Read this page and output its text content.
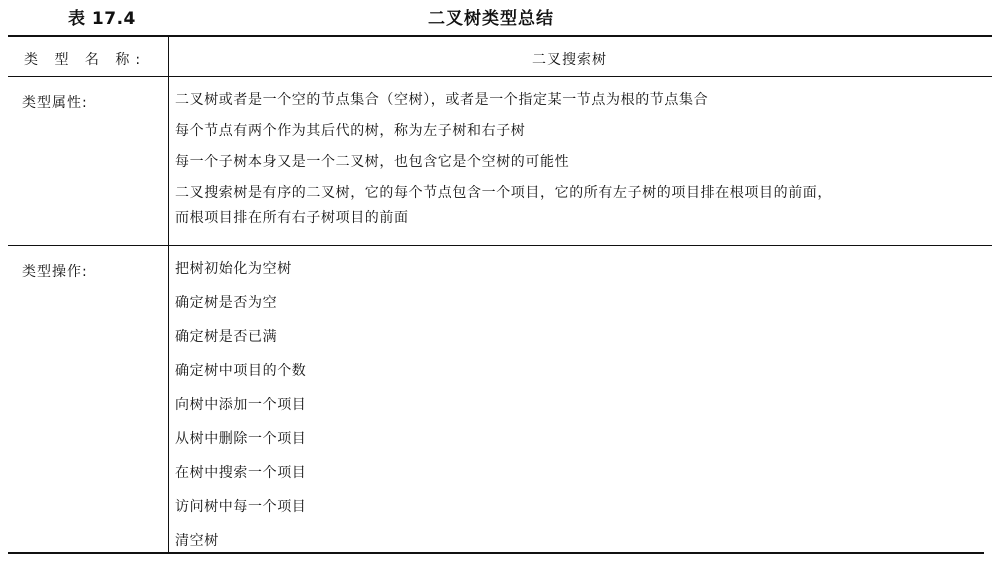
表 17.4	二叉树类型总结
类 型 名 称:	二叉搜索树
类型属性:	二叉树或者是一个空的节点集合（空树），或者是一个指定某一节点为根的节点集合
每个节点有两个作为其后代的树，称为左子树和右子树
每一个子树本身又是一个二叉树，也包含它是个空树的可能性
二叉搜索树是有序的二叉树，它的每个节点包含一个项目，它的所有左子树的项目排在根项目的前面，
而根项目排在所有右子树项目的前面
类型操作:	把树初始化为空树
确定树是否为空
确定树是否已满
确定树中项目的个数
向树中添加一个项目
从树中删除一个项目
在树中搜索一个项目
访问树中每一个项目
清空树
